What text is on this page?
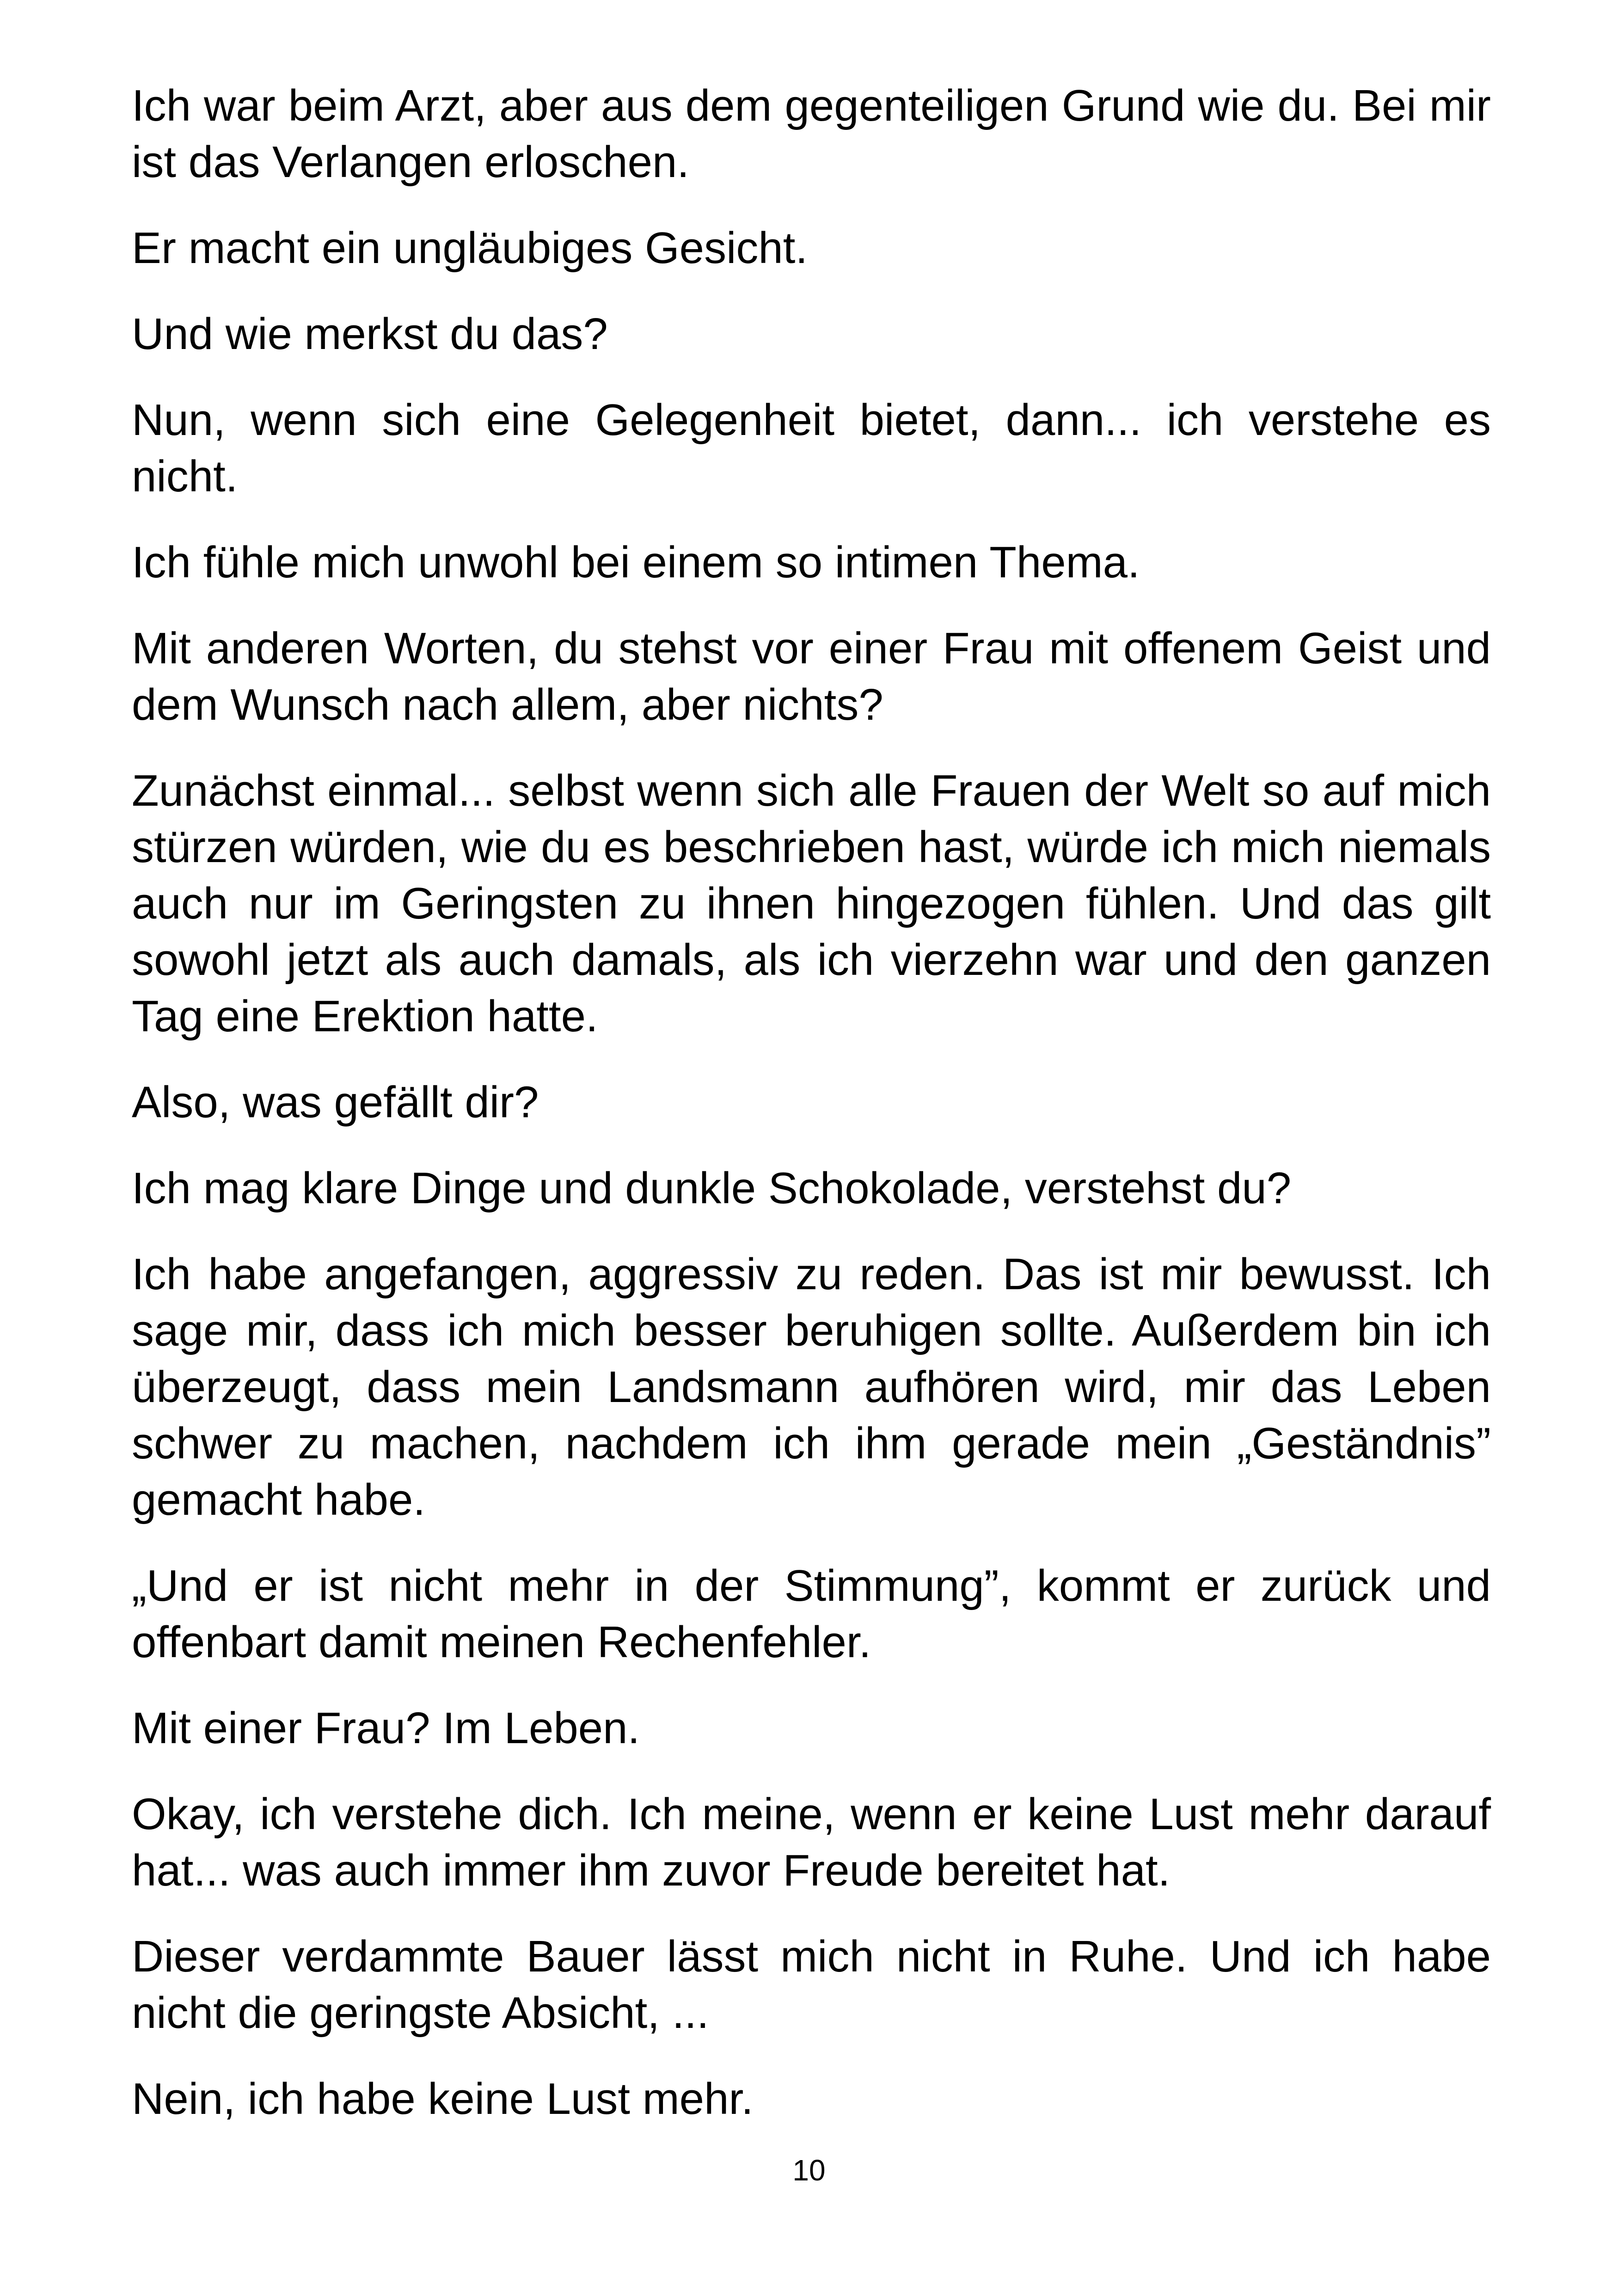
Ich war beim Arzt, aber aus dem gegenteiligen Grund wie du. Bei mir ist das Verlangen erloschen.

Er macht ein ungläubiges Gesicht.

Und wie merkst du das?

Nun, wenn sich eine Gelegenheit bietet, dann... ich verstehe es nicht.

Ich fühle mich unwohl bei einem so intimen Thema.

Mit anderen Worten, du stehst vor einer Frau mit offenem Geist und dem Wunsch nach allem, aber nichts?

Zunächst einmal... selbst wenn sich alle Frauen der Welt so auf mich stürzen würden, wie du es beschrieben hast, würde ich mich niemals auch nur im Geringsten zu ihnen hingezogen fühlen. Und das gilt sowohl jetzt als auch damals, als ich vierzehn war und den ganzen Tag eine Erektion hatte.

Also, was gefällt dir?

Ich mag klare Dinge und dunkle Schokolade, verstehst du?

Ich habe angefangen, aggressiv zu reden. Das ist mir bewusst. Ich sage mir, dass ich mich besser beruhigen sollte. Außerdem bin ich überzeugt, dass mein Landsmann aufhören wird, mir das Leben schwer zu machen, nachdem ich ihm gerade mein „Geständnis” gemacht habe.

„Und er ist nicht mehr in der Stimmung”, kommt er zurück und offenbart damit meinen Rechenfehler.

Mit einer Frau? Im Leben.

Okay, ich verstehe dich. Ich meine, wenn er keine Lust mehr darauf hat... was auch immer ihm zuvor Freude bereitet hat.

Dieser verdammte Bauer lässt mich nicht in Ruhe. Und ich habe nicht die geringste Absicht, ...

Nein, ich habe keine Lust mehr.

10
